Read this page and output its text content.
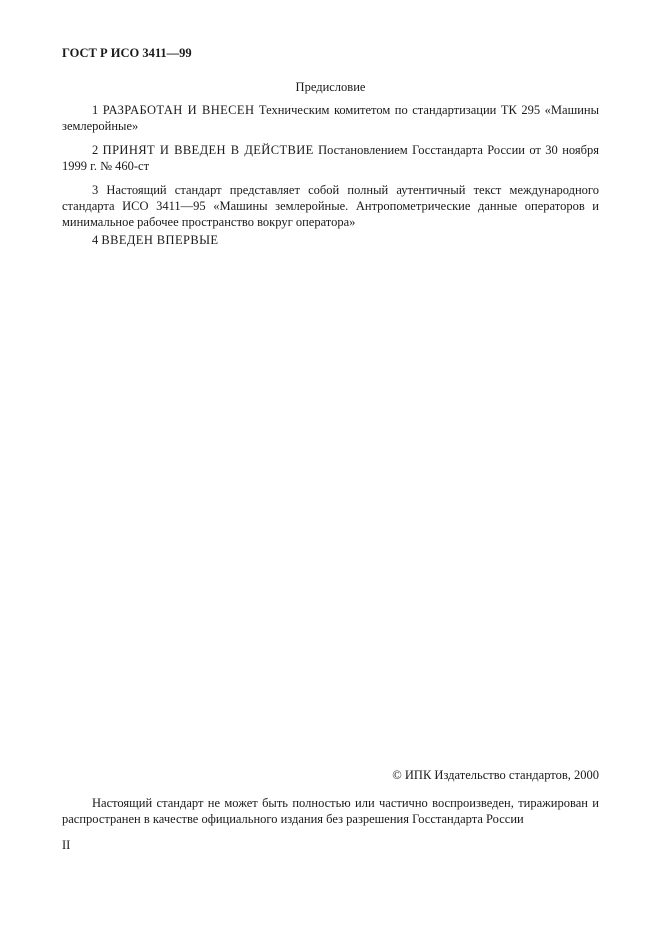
ГОСТ Р ИСО 3411—99
Предисловие
1 РАЗРАБОТАН И ВНЕСЕН Техническим комитетом по стандартизации ТК 295 «Машины землеройные»
2 ПРИНЯТ И ВВЕДЕН В ДЕЙСТВИЕ Постановлением Госстандарта России от 30 ноября 1999 г. № 460-ст
3 Настоящий стандарт представляет собой полный аутентичный текст международного стандарта ИСО 3411—95 «Машины землеройные. Антропометрические данные операторов и минимальное рабочее пространство вокруг оператора»
4 ВВЕДЕН ВПЕРВЫЕ
© ИПК Издательство стандартов, 2000
Настоящий стандарт не может быть полностью или частично воспроизведен, тиражирован и распространен в качестве официального издания без разрешения Госстандарта России
II
